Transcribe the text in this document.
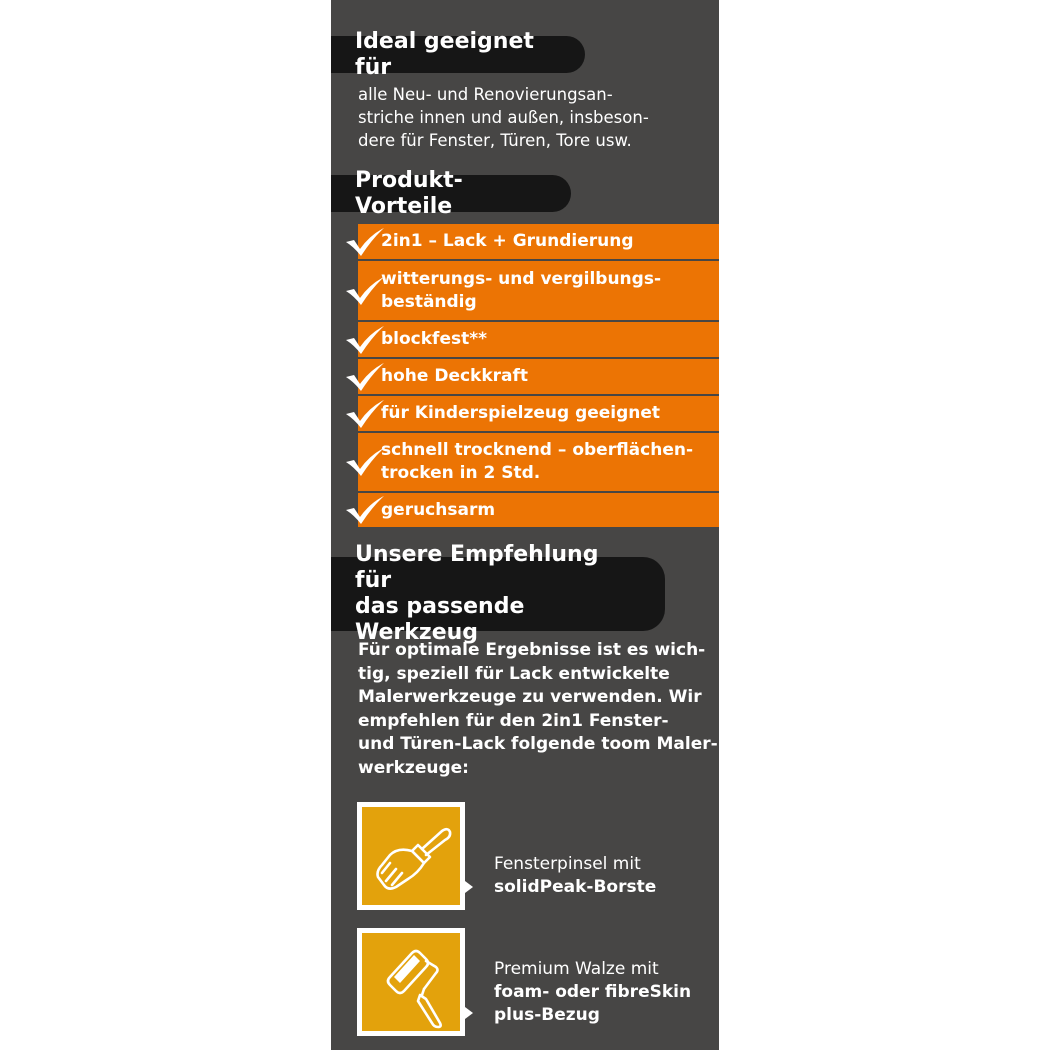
Ideal geeignet für
alle Neu- und Renovierungsan-
striche innen und außen, insbeson-
dere für Fenster, Türen, Tore usw.
Produkt-Vorteile
2in1 – Lack + Grundierung
witterungs- und vergilbungs-
beständig
blockfest**
hohe Deckkraft
für Kinderspielzeug geeignet
schnell trocknend – oberflächen-
trocken in 2 Std.
geruchsarm
Unsere Empfehlung für
das passende Werkzeug
Für optimale Ergebnisse ist es wich-
tig, speziell für Lack entwickelte
Malerwerkzeuge zu verwenden. Wir
empfehlen für den 2in1 Fenster-
und Türen-Lack folgende toom Maler-
werkzeuge:
Fensterpinsel mit
solidPeak-Borste
Premium Walze mit
foam- oder fibreSkin
plus-Bezug
